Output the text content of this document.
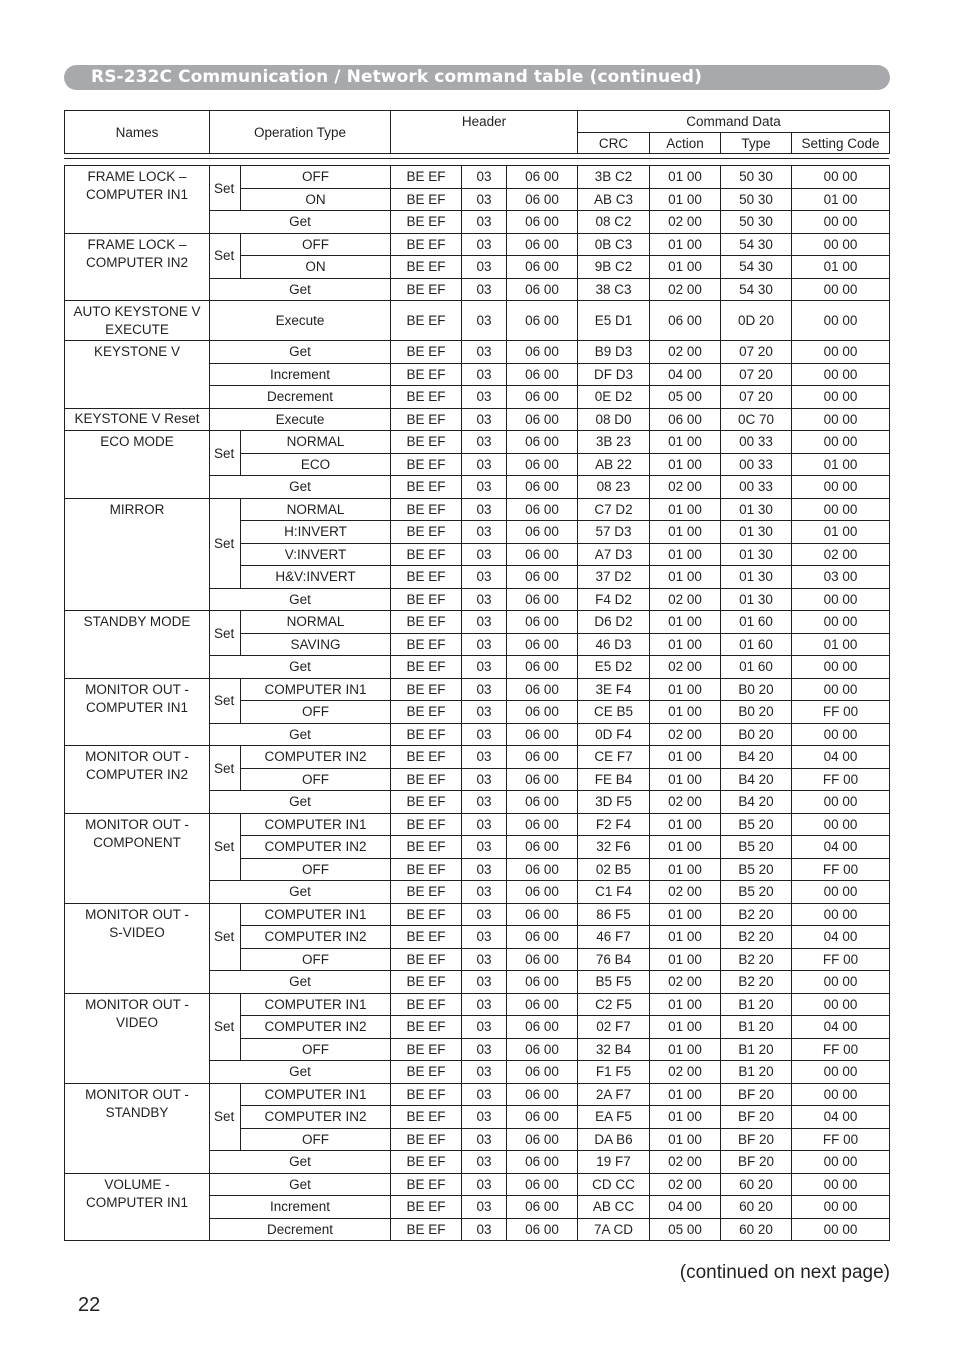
RS-232C Communication / Network command table (continued)
Names	Operation Type	Header	Command Data			
			CRC	Action	Type	Setting Code
FRAME LOCK –
COMPUTER IN1	Set	OFF	BE EF	03	06 00	3B C2	01 00	50 30	00 00
		ON	BE EF	03	06 00	AB C3	01 00	50 30	01 00
	Get		BE EF	03	06 00	08 C2	02 00	50 30	00 00
FRAME LOCK –
COMPUTER IN2	Set	OFF	BE EF	03	06 00	0B C3	01 00	54 30	00 00
		ON	BE EF	03	06 00	9B C2	01 00	54 30	01 00
	Get		BE EF	03	06 00	38 C3	02 00	54 30	00 00
AUTO KEYSTONE V
EXECUTE	Execute		BE EF	03	06 00	E5 D1	06 00	0D 20	00 00
KEYSTONE V	Get		BE EF	03	06 00	B9 D3	02 00	07 20	00 00
	Increment		BE EF	03	06 00	DF D3	04 00	07 20	00 00
	Decrement		BE EF	03	06 00	0E D2	05 00	07 20	00 00
KEYSTONE V Reset	Execute		BE EF	03	06 00	08 D0	06 00	0C 70	00 00
ECO MODE	Set	NORMAL	BE EF	03	06 00	3B 23	01 00	00 33	00 00
		ECO	BE EF	03	06 00	AB 22	01 00	00 33	01 00
	Get		BE EF	03	06 00	08 23	02 00	00 33	00 00
MIRROR	Set	NORMAL	BE EF	03	06 00	C7 D2	01 00	01 30	00 00
		H:INVERT	BE EF	03	06 00	57 D3	01 00	01 30	01 00
		V:INVERT	BE EF	03	06 00	A7 D3	01 00	01 30	02 00
		H&V:INVERT	BE EF	03	06 00	37 D2	01 00	01 30	03 00
	Get		BE EF	03	06 00	F4 D2	02 00	01 30	00 00
STANDBY MODE	Set	NORMAL	BE EF	03	06 00	D6 D2	01 00	01 60	00 00
		SAVING	BE EF	03	06 00	46 D3	01 00	01 60	01 00
	Get		BE EF	03	06 00	E5 D2	02 00	01 60	00 00
MONITOR OUT -
COMPUTER IN1	Set	COMPUTER IN1	BE EF	03	06 00	3E F4	01 00	B0 20	00 00
		OFF	BE EF	03	06 00	CE B5	01 00	B0 20	FF 00
	Get		BE EF	03	06 00	0D F4	02 00	B0 20	00 00
MONITOR OUT -
COMPUTER IN2	Set	COMPUTER IN2	BE EF	03	06 00	CE F7	01 00	B4 20	04 00
		OFF	BE EF	03	06 00	FE B4	01 00	B4 20	FF 00
	Get		BE EF	03	06 00	3D F5	02 00	B4 20	00 00
MONITOR OUT -
COMPONENT	Set	COMPUTER IN1	BE EF	03	06 00	F2 F4	01 00	B5 20	00 00
		COMPUTER IN2	BE EF	03	06 00	32 F6	01 00	B5 20	04 00
		OFF	BE EF	03	06 00	02 B5	01 00	B5 20	FF 00
	Get		BE EF	03	06 00	C1 F4	02 00	B5 20	00 00
MONITOR OUT -
S-VIDEO	Set	COMPUTER IN1	BE EF	03	06 00	86 F5	01 00	B2 20	00 00
		COMPUTER IN2	BE EF	03	06 00	46 F7	01 00	B2 20	04 00
		OFF	BE EF	03	06 00	76 B4	01 00	B2 20	FF 00
	Get		BE EF	03	06 00	B5 F5	02 00	B2 20	00 00
MONITOR OUT -
VIDEO	Set	COMPUTER IN1	BE EF	03	06 00	C2 F5	01 00	B1 20	00 00
		COMPUTER IN2	BE EF	03	06 00	02 F7	01 00	B1 20	04 00
		OFF	BE EF	03	06 00	32 B4	01 00	B1 20	FF 00
	Get		BE EF	03	06 00	F1 F5	02 00	B1 20	00 00
MONITOR OUT -
STANDBY	Set	COMPUTER IN1	BE EF	03	06 00	2A F7	01 00	BF 20	00 00
		COMPUTER IN2	BE EF	03	06 00	EA F5	01 00	BF 20	04 00
		OFF	BE EF	03	06 00	DA B6	01 00	BF 20	FF 00
	Get		BE EF	03	06 00	19 F7	02 00	BF 20	00 00
VOLUME -
COMPUTER IN1	Get		BE EF	03	06 00	CD CC	02 00	60 20	00 00
	Increment		BE EF	03	06 00	AB CC	04 00	60 20	00 00
	Decrement		BE EF	03	06 00	7A CD	05 00	60 20	00 00
(continued on next page)
22
